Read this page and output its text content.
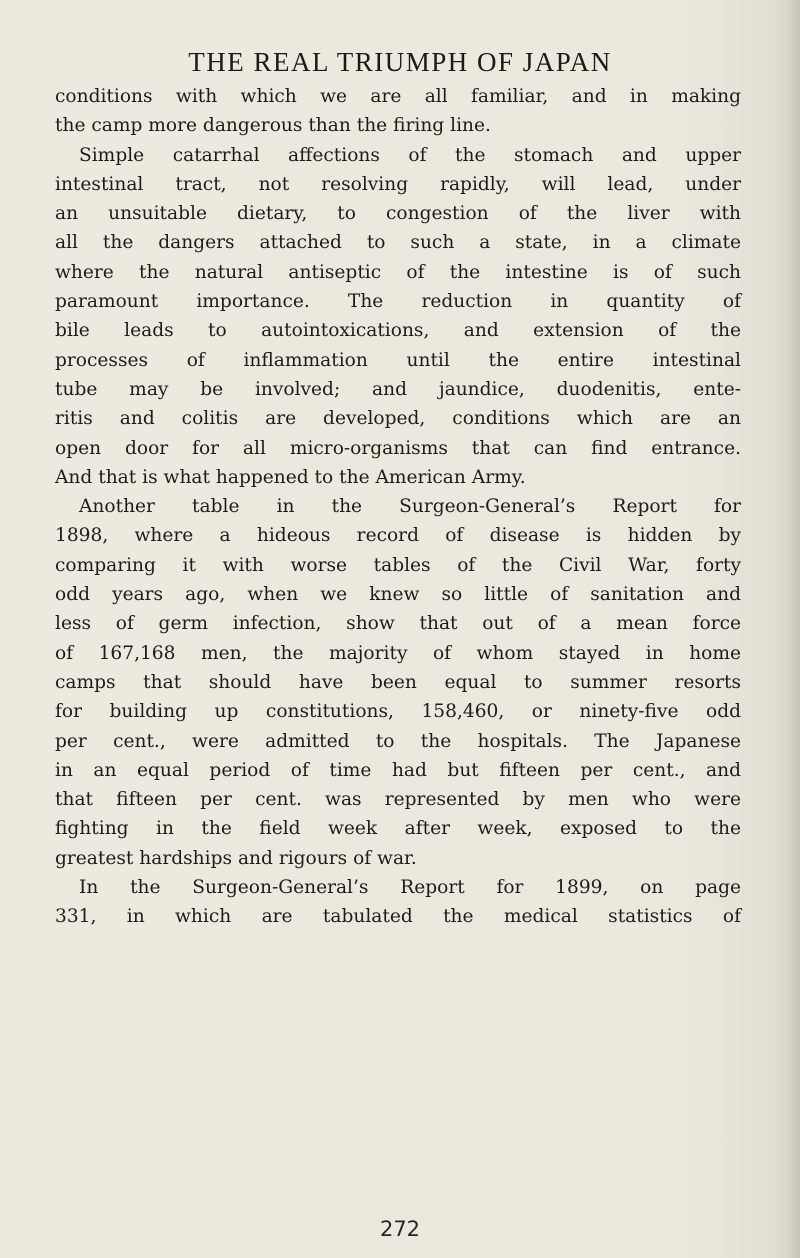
THE REAL TRIUMPH OF JAPAN
conditions with which we are all familiar, and in making
the camp more dangerous than the firing line.
Simple catarrhal affections of the stomach and upper
intestinal tract, not resolving rapidly, will lead, under
an unsuitable dietary, to congestion of the liver with
all the dangers attached to such a state, in a climate
where the natural antiseptic of the intestine is of such
paramount importance. The reduction in quantity of
bile leads to autointoxications, and extension of the
processes of inflammation until the entire intestinal
tube may be involved; and jaundice, duodenitis, ente-
ritis and colitis are developed, conditions which are an
open door for all micro-organisms that can find entrance.
And that is what happened to the American Army.
Another table in the Surgeon-General’s Report for
1898, where a hideous record of disease is hidden by
comparing it with worse tables of the Civil War, forty
odd years ago, when we knew so little of sanitation and
less of germ infection, show that out of a mean force
of 167,168 men, the majority of whom stayed in home
camps that should have been equal to summer resorts
for building up constitutions, 158,460, or ninety-five odd
per cent., were admitted to the hospitals. The Japanese
in an equal period of time had but fifteen per cent., and
that fifteen per cent. was represented by men who were
fighting in the field week after week, exposed to the
greatest hardships and rigours of war.
In the Surgeon-General’s Report for 1899, on page
331, in which are tabulated the medical statistics of
272
